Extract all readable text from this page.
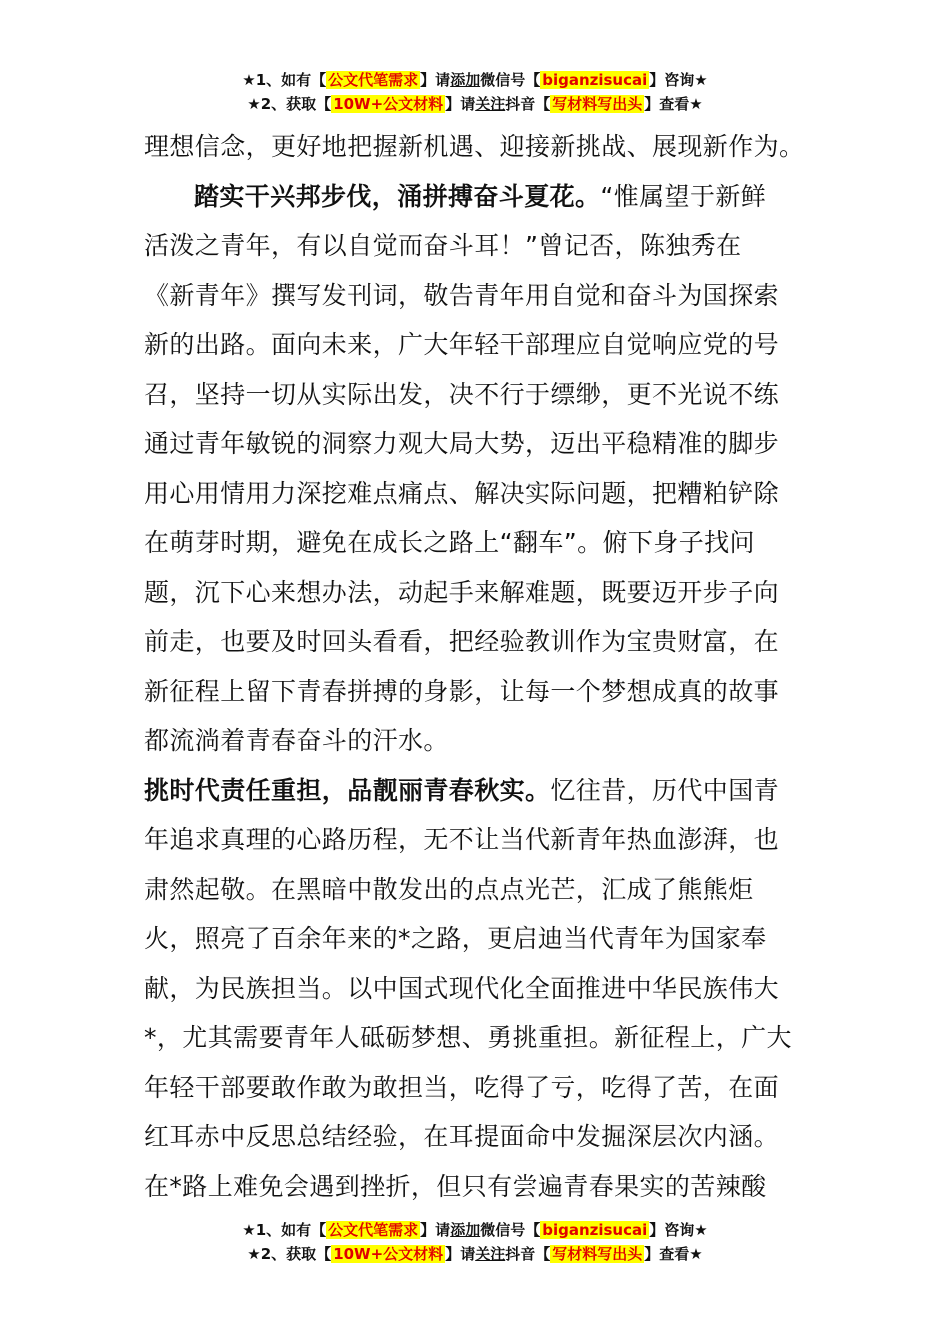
★1、如有【 公文代笔需求 】请添加微信号【 biganzisucai 】咨询★
★2、获取【 10W+公文材料 】请关注抖音【 写材料写出头 】查看★
理想信念，更好地把握新机遇、迎接新挑战、展现新作为。
踏实干兴邦步伐，涌拼搏奋斗夏花。“惟属望于新鲜
活泼之青年，有以自觉而奋斗耳！”曾记否，陈独秀在
《新青年》撰写发刊词，敬告青年用自觉和奋斗为国探索
新的出路。面向未来，广大年轻干部理应自觉响应党的号
召，坚持一切从实际出发，决不行于缥缈，更不光说不练
通过青年敏锐的洞察力观大局大势，迈出平稳精准的脚步
用心用情用力深挖难点痛点、解决实际问题，把糟粕铲除
在萌芽时期，避免在成长之路上“翻车”。俯下身子找问
题，沉下心来想办法，动起手来解难题，既要迈开步子向
前走，也要及时回头看看，把经验教训作为宝贵财富，在
新征程上留下青春拼搏的身影，让每一个梦想成真的故事
都流淌着青春奋斗的汗水。
挑时代责任重担，品靓丽青春秋实。忆往昔，历代中国青
年追求真理的心路历程，无不让当代新青年热血澎湃，也
肃然起敬。在黑暗中散发出的点点光芒，汇成了熊熊炬
火，照亮了百余年来的*之路，更启迪当代青年为国家奉
献，为民族担当。以中国式现代化全面推进中华民族伟大
*，尤其需要青年人砥砺梦想、勇挑重担。新征程上，广大
年轻干部要敢作敢为敢担当，吃得了亏，吃得了苦，在面
红耳赤中反思总结经验，在耳提面命中发掘深层次内涵。
在*路上难免会遇到挫折，但只有尝遍青春果实的苦辣酸
★1、如有【 公文代笔需求 】请添加微信号【 biganzisucai 】咨询★
★2、获取【 10W+公文材料 】请关注抖音【 写材料写出头 】查看★
